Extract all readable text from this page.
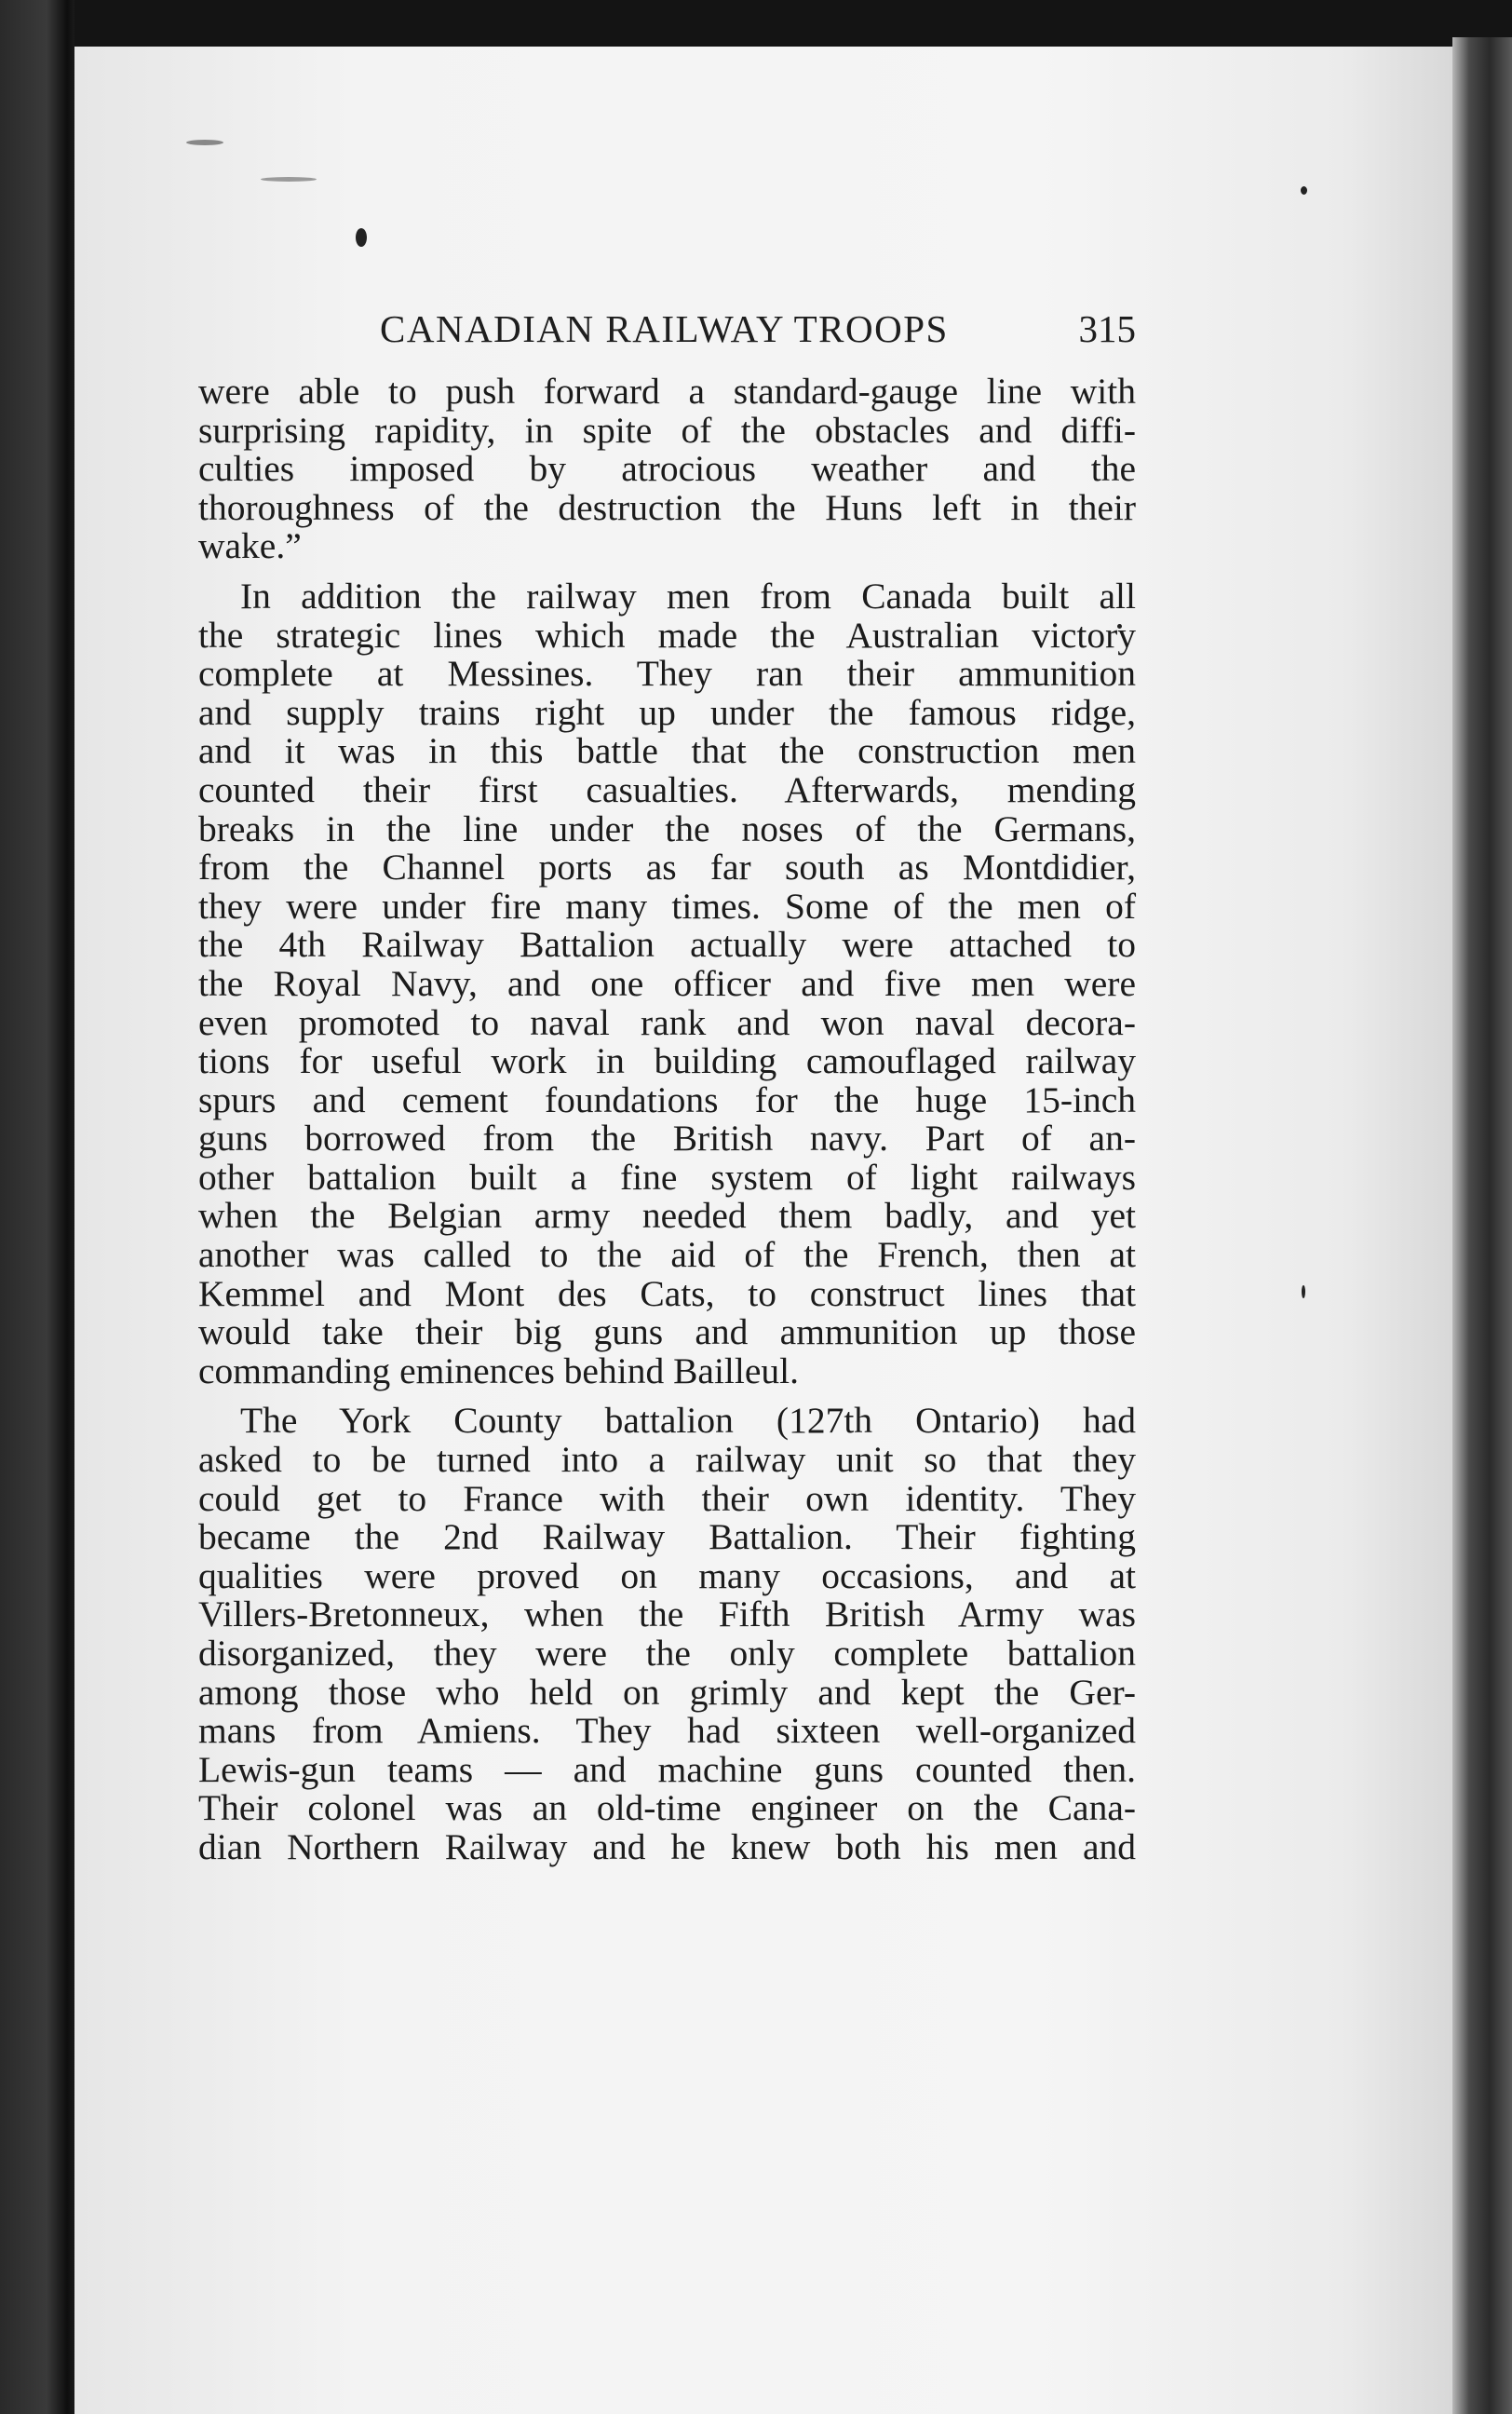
CANADIAN RAILWAY TROOPS	315
were able to push forward a standard-gauge line with
surprising rapidity, in spite of the obstacles and diffi-
culties imposed by atrocious weather and the
thoroughness of the destruction the Huns left in their
wake.”
In addition the railway men from Canada built all
the strategic lines which made the Australian victory
complete at Messines. They ran their ammunition
and supply trains right up under the famous ridge,
and it was in this battle that the construction men
counted their first casualties. Afterwards, mending
breaks in the line under the noses of the Germans,
from the Channel ports as far south as Montdidier,
they were under fire many times. Some of the men of
the 4th Railway Battalion actually were attached to
the Royal Navy, and one officer and five men were
even promoted to naval rank and won naval decora-
tions for useful work in building camouflaged railway
spurs and cement foundations for the huge 15-inch
guns borrowed from the British navy. Part of an-
other battalion built a fine system of light railways
when the Belgian army needed them badly, and yet
another was called to the aid of the French, then at
Kemmel and Mont des Cats, to construct lines that
would take their big guns and ammunition up those
commanding eminences behind Bailleul.
The York County battalion (127th Ontario) had
asked to be turned into a railway unit so that they
could get to France with their own identity. They
became the 2nd Railway Battalion. Their fighting
qualities were proved on many occasions, and at
Villers-Bretonneux, when the Fifth British Army was
disorganized, they were the only complete battalion
among those who held on grimly and kept the Ger-
mans from Amiens. They had sixteen well-organized
Lewis-gun teams — and machine guns counted then.
Their colonel was an old-time engineer on the Cana-
dian Northern Railway and he knew both his men and
